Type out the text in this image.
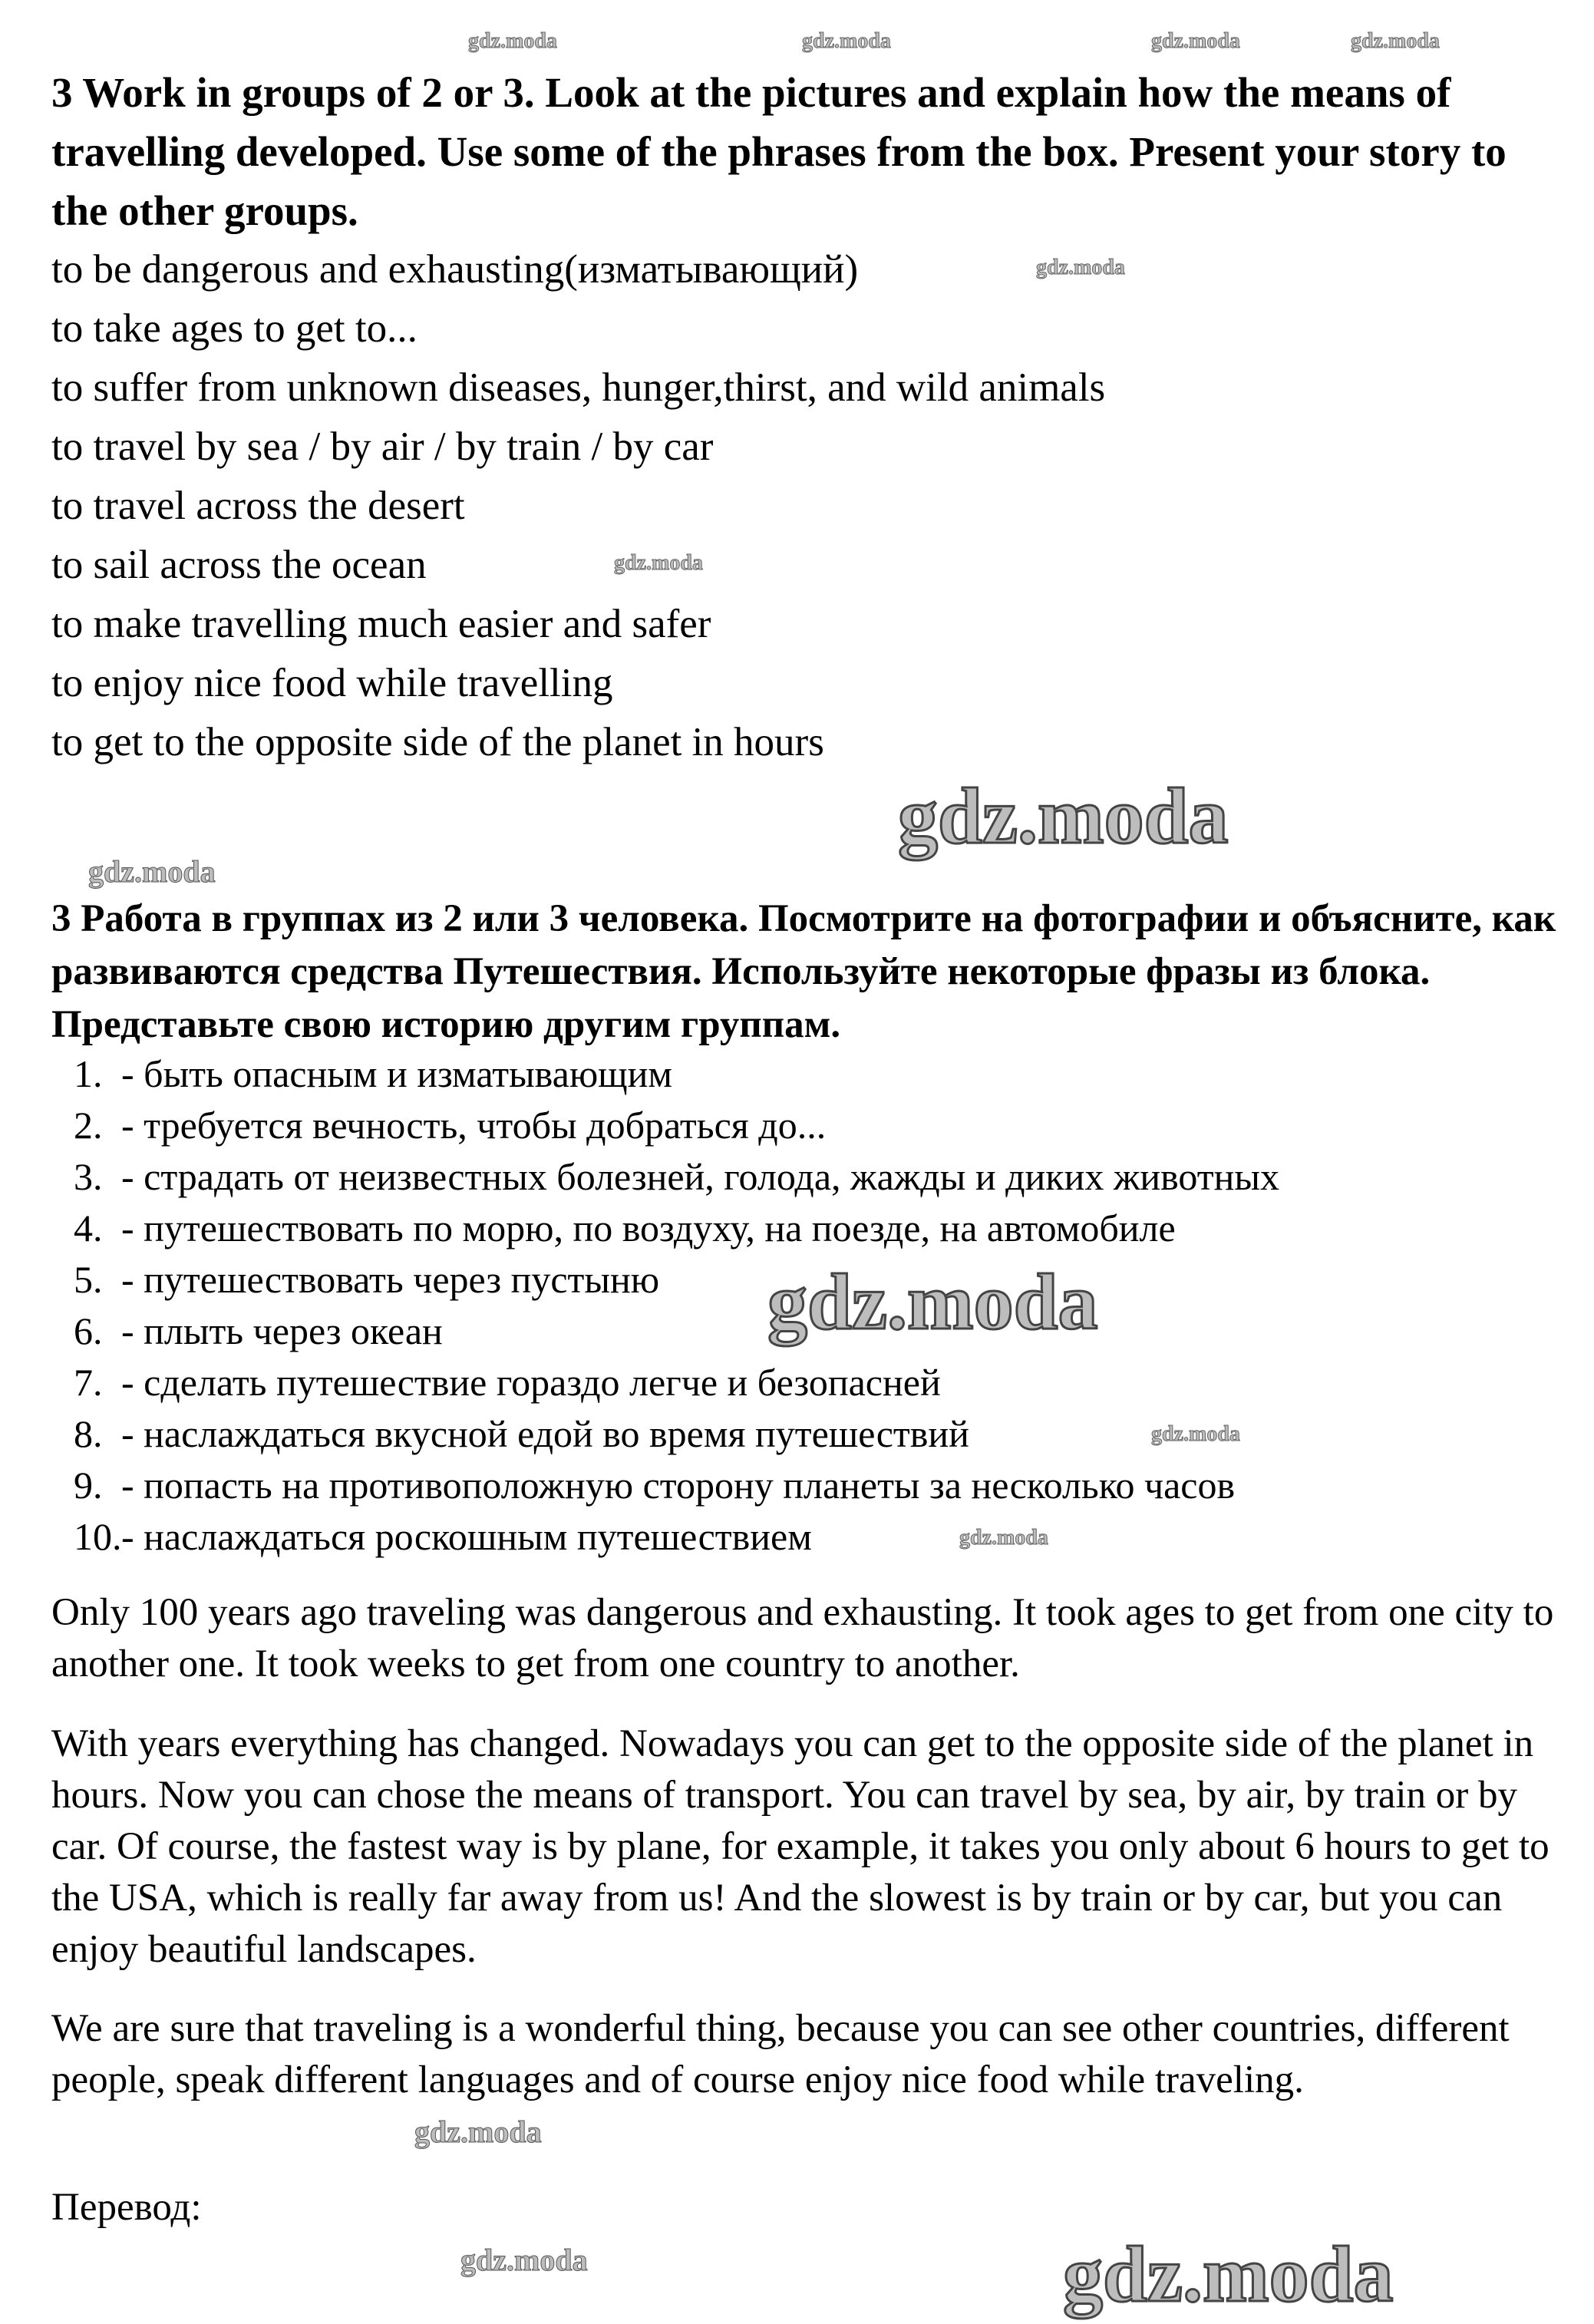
3 Work in groups of 2 or 3. Look at the pictures and explain how the means of travelling developed. Use some of the phrases from the box. Present your story to the other groups.
to be dangerous and exhausting(изматывающий)
to take ages to get to...
to suffer from unknown diseases, hunger,thirst, and wild animals
to travel by sea / by air / by train / by car
to travel across the desert
to sail across the ocean
to make travelling much easier and safer
to enjoy nice food while travelling
to get to the opposite side of the planet in hours
3 Работа в группах из 2 или 3 человека. Посмотрите на фотографии и объясните, как развиваются средства Путешествия. Используйте некоторые фразы из блока. Представьте свою историю другим группам.
1. - быть опасным и изматывающим
2. - требуется вечность, чтобы добраться до...
3. - страдать от неизвестных болезней, голода, жажды и диких животных
4. - путешествовать по морю, по воздуху, на поезде, на автомобиле
5. - путешествовать через пустыню
6. - плыть через океан
7. - сделать путешествие гораздо легче и безопасней
8. - наслаждаться вкусной едой во время путешествий
9. - попасть на противоположную сторону планеты за несколько часов
10.- наслаждаться роскошным путешествием
Only 100 years ago traveling was dangerous and exhausting. It took ages to get from one city to another one. It took weeks to get from one country to another.
With years everything has changed. Nowadays you can get to the opposite side of the planet in hours. Now you can chose the means of transport. You can travel by sea, by air, by train or by car. Of course, the fastest way is by plane, for example, it takes you only about 6 hours to get to the USA, which is really far away from us! And the slowest is by train or by car, but you can enjoy beautiful landscapes.
We are sure that traveling is a wonderful thing, because you can see other countries, different people, speak different languages and of course enjoy nice food while traveling.
Перевод:
gdz.moda	gdz.moda	gdz.moda	gdz.moda
gdz.moda
gdz.moda
gdz.moda
gdz.moda
gdz.moda
gdz.moda
gdz.moda
gdz.moda
gdz.moda
gdz.moda
